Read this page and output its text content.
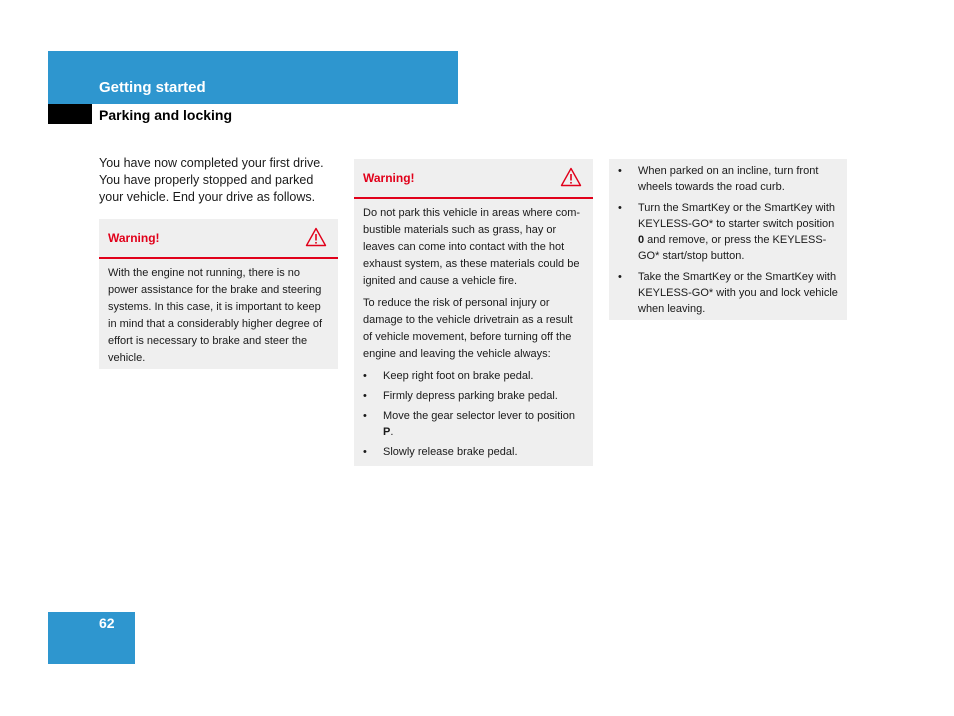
Getting started
Parking and locking
You have now completed your first drive. You have properly stopped and parked your vehicle. End your drive as follows.
Warning!

With the engine not running, there is no power assistance for the brake and steering systems. In this case, it is important to keep in mind that a considerably higher degree of effort is necessary to brake and steer the vehicle.

Warning!

Do not park this vehicle in areas where com-bustible materials such as grass, hay or leaves can come into contact with the hot exhaust system, as these materials could be ignited and cause a vehicle fire.

To reduce the risk of personal injury or damage to the vehicle drivetrain as a result of vehicle movement, before turning off the engine and leaving the vehicle always:

• Keep right foot on brake pedal.
• Firmly depress parking brake pedal.
• Move the gear selector lever to position P.
• Slowly release brake pedal.
• When parked on an incline, turn front wheels towards the road curb.
• Turn the SmartKey or the SmartKey with KEYLESS-GO* to starter switch position 0 and remove, or press the KEYLESS-GO* start/stop button.
• Take the SmartKey or the SmartKey with KEYLESS-GO* with you and lock vehicle when leaving.
62
